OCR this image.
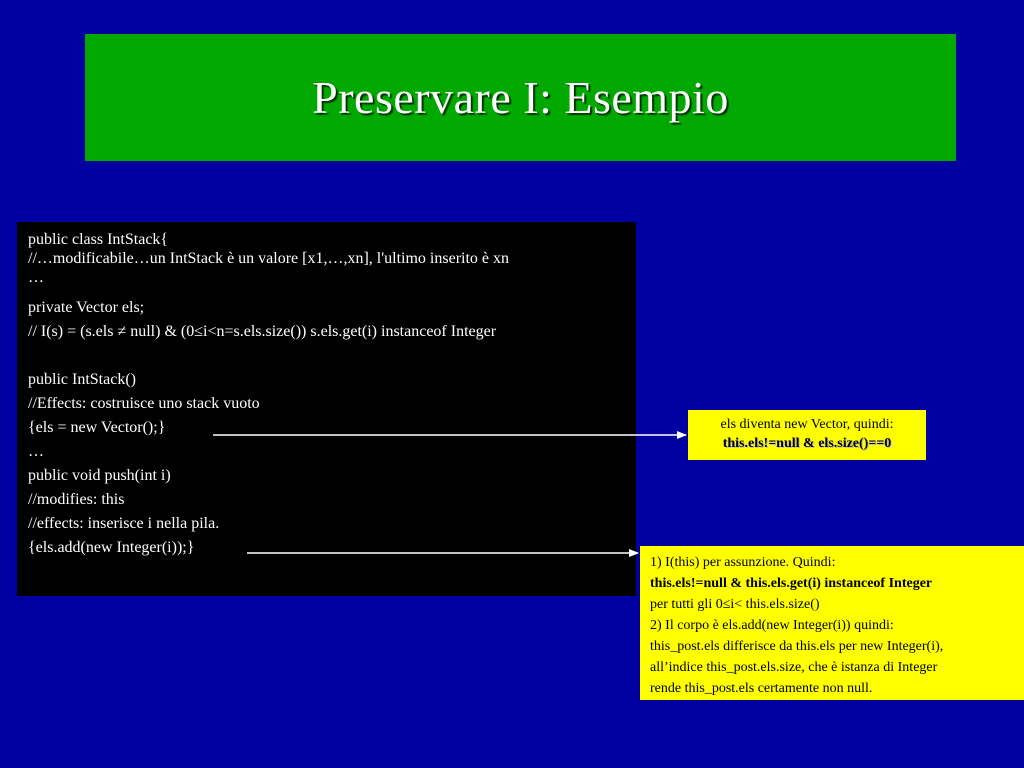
Preservare I: Esempio
public class IntStack{
//…modificabile…un IntStack è un valore [x1,…,xn], l'ultimo inserito è xn
…
private Vector els;
// I(s) = (s.els ≠ null) & (0≤i<n=s.els.size()) s.els.get(i) instanceof Integer
public IntStack()
//Effects: costruisce uno stack vuoto
{els = new Vector();}
…
public void push(int i)
//modifies: this
//effects: inserisce i nella pila.
{els.add(new Integer(i));}
els diventa new Vector, quindi:
this.els!=null & els.size()==0
1) I(this) per assunzione. Quindi:
this.els!=null & this.els.get(i) instanceof Integer
per tutti gli 0≤i< this.els.size()
2) Il corpo è els.add(new Integer(i)) quindi:
this_post.els differisce da this.els per new Integer(i),
all’indice this_post.els.size, che è istanza di Integer
rende this_post.els certamente non null.
